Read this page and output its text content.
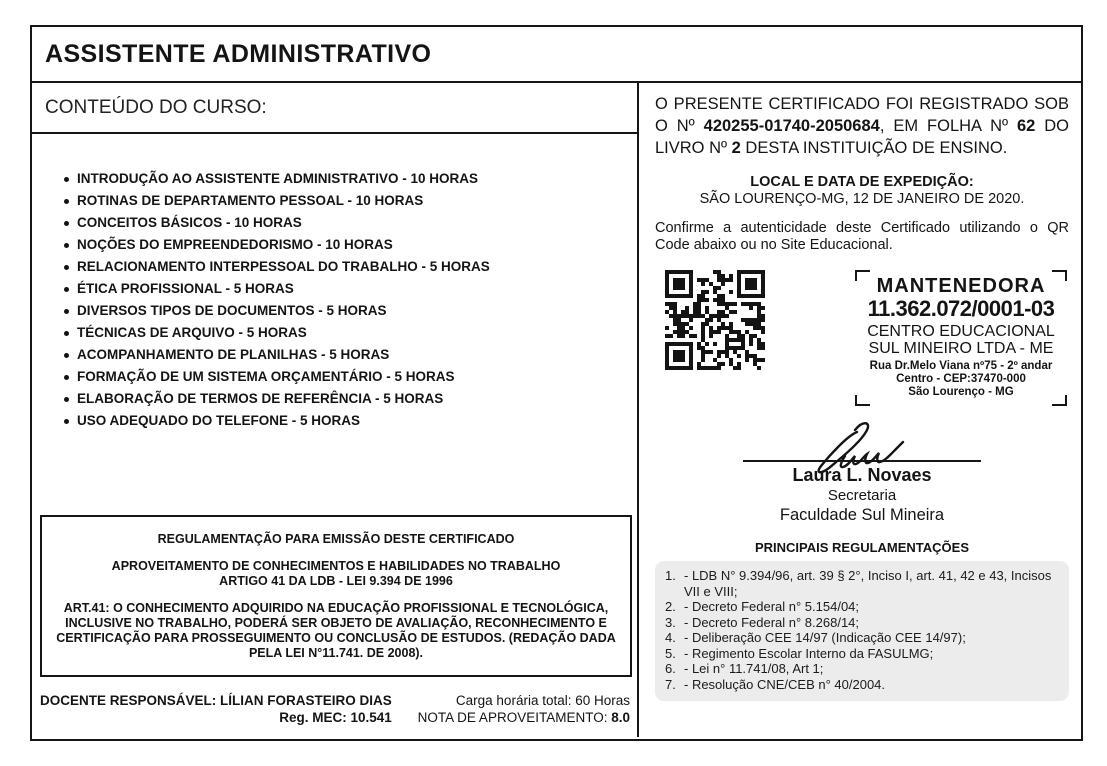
ASSISTENTE ADMINISTRATIVO
CONTEÚDO DO CURSO:
INTRODUÇÃO AO ASSISTENTE ADMINISTRATIVO - 10 HORAS
ROTINAS DE DEPARTAMENTO PESSOAL - 10 HORAS
CONCEITOS BÁSICOS - 10 HORAS
NOÇÕES DO EMPREENDEDORISMO - 10 HORAS
RELACIONAMENTO INTERPESSOAL DO TRABALHO - 5 HORAS
ÉTICA PROFISSIONAL - 5 HORAS
DIVERSOS TIPOS DE DOCUMENTOS - 5 HORAS
TÉCNICAS DE ARQUIVO - 5 HORAS
ACOMPANHAMENTO DE PLANILHAS - 5 HORAS
FORMAÇÃO DE UM SISTEMA ORÇAMENTÁRIO - 5 HORAS
ELABORAÇÃO DE TERMOS DE REFERÊNCIA - 5 HORAS
USO ADEQUADO DO TELEFONE - 5 HORAS
REGULAMENTAÇÃO PARA EMISSÃO DESTE CERTIFICADO
APROVEITAMENTO DE CONHECIMENTOS E HABILIDADES NO TRABALHO
ARTIGO 41 DA LDB - LEI 9.394 DE 1996
ART.41: O CONHECIMENTO ADQUIRIDO NA EDUCAÇÃO PROFISSIONAL E TECNOLÓGICA, INCLUSIVE NO TRABALHO, PODERÁ SER OBJETO DE AVALIAÇÃO, RECONHECIMENTO E CERTIFICAÇÃO PARA PROSSEGUIMENTO OU CONCLUSÃO DE ESTUDOS. (REDAÇÃO DADA PELA LEI N°11.741. DE 2008).
DOCENTE RESPONSÁVEL: LÍLIAN FORASTEIRO DIAS
Reg. MEC: 10.541
Carga horária total: 60 Horas
NOTA DE APROVEITAMENTO: 8.0

O PRESENTE CERTIFICADO FOI REGISTRADO SOB O Nº 420255-01740-2050684, EM FOLHA Nº 62 DO LIVRO Nº 2 DESTA INSTITUIÇÃO DE ENSINO.

LOCAL E DATA DE EXPEDIÇÃO:
SÃO LOURENÇO-MG, 12 DE JANEIRO DE 2020.

Confirme a autenticidade deste Certificado utilizando o QR Code abaixo ou no Site Educacional.

MANTENEDORA
11.362.072/0001-03
CENTRO EDUCACIONAL
SUL MINEIRO LTDA - ME
Rua Dr.Melo Viana nº75 - 2º andar
Centro - CEP:37470-000
São Lourenço - MG
Laura L. Novaes
Secretaria
Faculdade Sul Mineira
PRINCIPAIS REGULAMENTAÇÕES
- LDB N° 9.394/96, art. 39 § 2°, Inciso I, art. 41, 42 e 43, Incisos VII e VIII;
- Decreto Federal n° 5.154/04;
- Decreto Federal n° 8.268/14;
- Deliberação CEE 14/97 (Indicação CEE 14/97);
- Regimento Escolar Interno da FASULMG;
- Lei n° 11.741/08, Art 1;
- Resolução CNE/CEB n° 40/2004.
